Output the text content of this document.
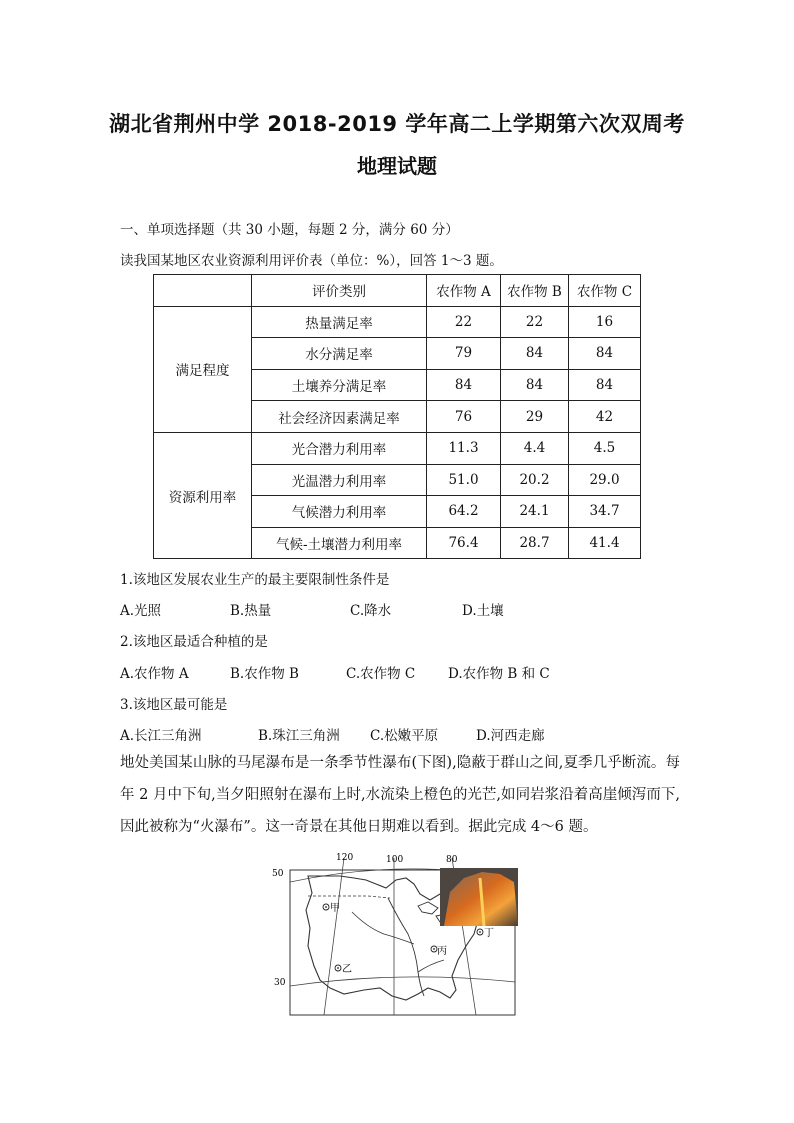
湖北省荆州中学 2018-2019 学年高二上学期第六次双周考
地理试题
一、单项选择题（共 30 小题，每题 2 分，满分 60 分）
读我国某地区农业资源利用评价表（单位：%），回答 1～3 题。
	评价类别	农作物 A	农作物 B	农作物 C
满足程度	热量满足率	22	22	16
	水分满足率	79	84	84
	土壤养分满足率	84	84	84
	社会经济因素满足率	76	29	42
资源利用率	光合潜力利用率	11.3	4.4	4.5
	光温潜力利用率	51.0	20.2	29.0
	气候潜力利用率	64.2	24.1	34.7
	气候-土壤潜力利用率	76.4	28.7	41.4
1.该地区发展农业生产的最主要限制性条件是
A.光照	B.热量	C.降水	D.土壤
2.该地区最适合种植的是
A.农作物 A	B.农作物 B	C.农作物 C D.农作物 B 和 C
3.该地区最可能是
A.长江三角洲	B.珠江三角洲 C.松嫩平原	D.河西走廊
地处美国某山脉的马尾瀑布是一条季节性瀑布(下图),隐蔽于群山之间,夏季几乎断流。每年 2 月中下旬,当夕阳照射在瀑布上时,水流染上橙色的光芒,如同岩浆沿着高崖倾泻而下,因此被称为“火瀑布”。这一奇景在其他日期难以看到。据此完成 4～6 题。
甲
乙
丙
丁
120	100	80
50
30
